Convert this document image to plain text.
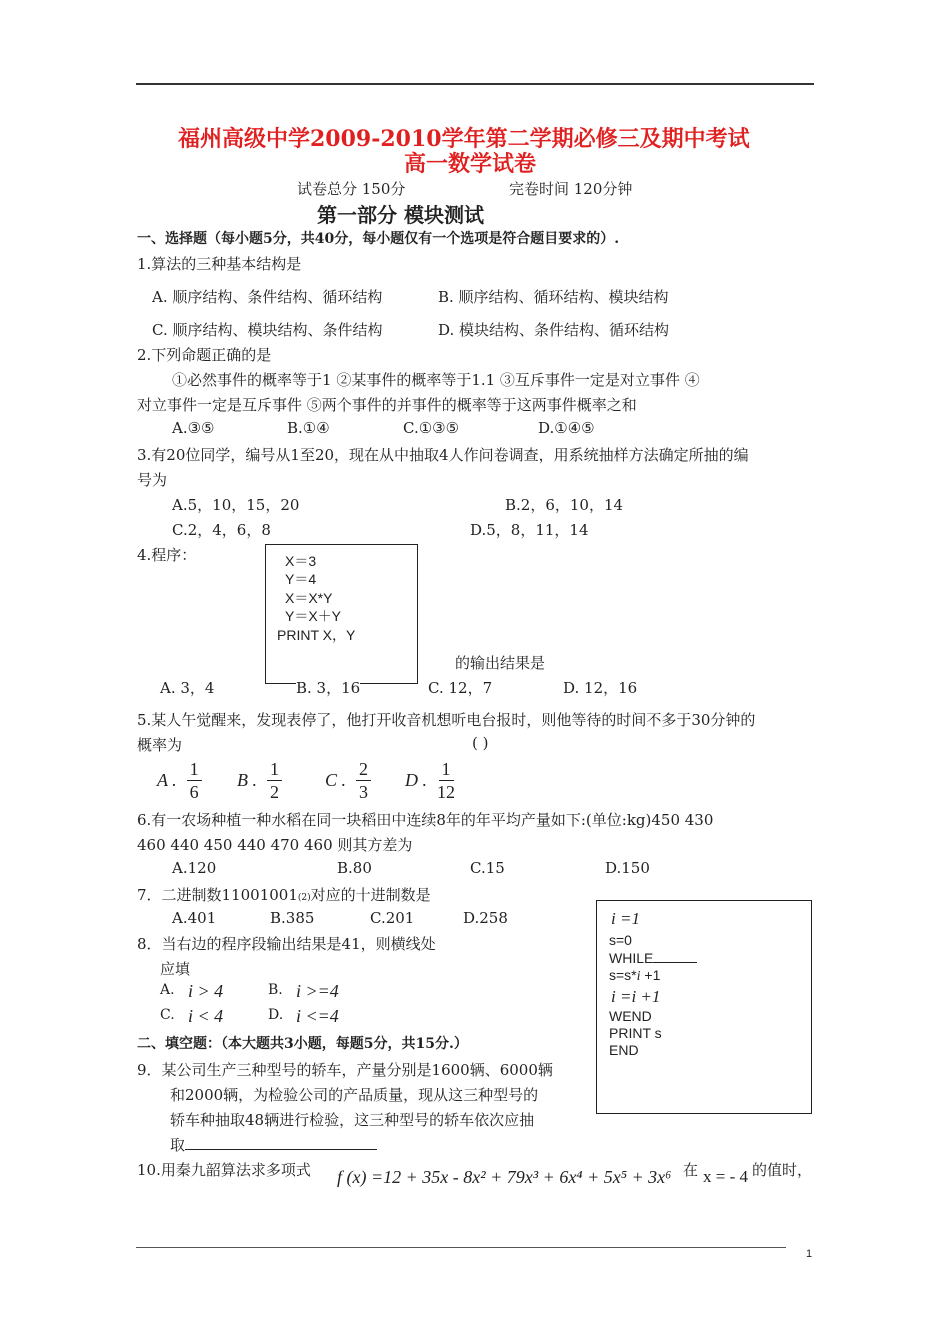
福州高级中学2009-2010学年第二学期必修三及期中考试
高一数学试卷
试卷总分 150分	完卷时间 120分钟
第一部分 模块测试
一、选择题（每小题5分，共40分，每小题仅有一个选项是符合题目要求的）.
1.算法的三种基本结构是
A. 顺序结构、条件结构、循环结构	B. 顺序结构、循环结构、模块结构
C. 顺序结构、模块结构、条件结构	D. 模块结构、条件结构、循环结构
2.下列命题正确的是
①必然事件的概率等于1 ②某事件的概率等于1.1 ③互斥事件一定是对立事件 ④
对立事件一定是互斥事件 ⑤两个事件的并事件的概率等于这两事件概率之和
A.③⑤	B.①④	C.①③⑤	D.①④⑤
3.有20位同学，编号从1至20，现在从中抽取4人作问卷调查，用系统抽样方法确定所抽的编
号为
A.5，10，15，20	B.2，6，10，14
C.2，4，6，8	D.5，8，11，14
4.程序：	X＝3
Y＝4
X＝X*Y
Y＝X＋Y
PRINT X，Y
的输出结果是
A. 3，4	B. 3，16	C. 12，7	D. 12，16
5.某人午觉醒来，发现表停了，他打开收音机想听电台报时，则他等待的时间不多于30分钟的
概率为	( )
A . $\frac{1}{6}$ B . $\frac{1}{2}$ C . $\frac{2}{3}$ D . $\frac{1}{12}$
6.有一农场种植一种水稻在同一块稻田中连续8年的年平均产量如下:(单位:kg)450 430
460 440 450 440 470 460 则其方差为
A.120	B.80	C.15	D.150
7．二进制数11001001(2)对应的十进制数是
A.401	B.385	C.201	D.258
8．当右边的程序段输出结果是41，则横线处
应填
A. i > 4	B. i >=4
C. i < 4	D. i <=4
i =1
s=0
WHILE
s=s*i +1
i =i +1
WEND
PRINT s
END
二、填空题：（本大题共3小题，每题5分，共15分.）
9．某公司生产三种型号的轿车，产量分别是1600辆、6000辆
和2000辆，为检验公司的产品质量，现从这三种型号的
轿车种抽取48辆进行检验，这三种型号的轿车依次应抽
取
10.用秦九韶算法求多项式 f (x) =12 + 35x - 8x² + 79x³ + 6x⁴ + 5x⁵ + 3x⁶ 在 x = - 4 的值时，
1
